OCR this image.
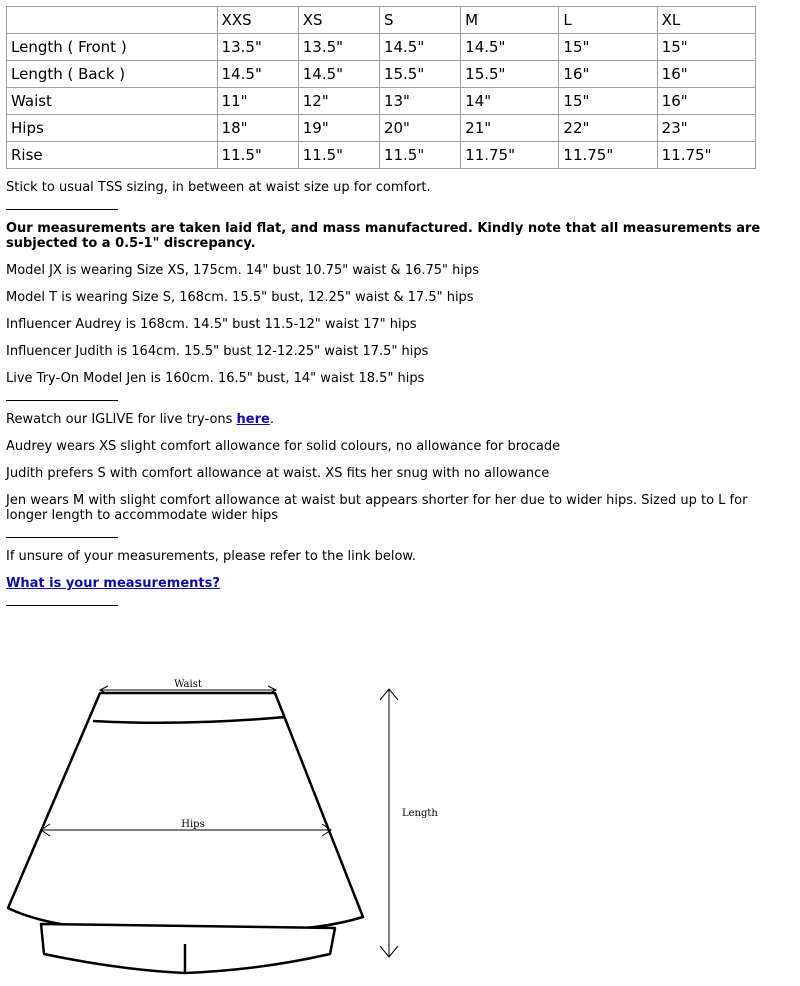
	XXS	XS	S	M	L	XL
Length ( Front )	13.5"	13.5"	14.5"	14.5"	15"	15"
Length ( Back )	14.5"	14.5"	15.5"	15.5"	16"	16"
Waist	11"	12"	13"	14"	15"	16"
Hips	18"	19"	20"	21"	22"	23"
Rise	11.5"	11.5"	11.5"	11.75"	11.75"	11.75"

Stick to usual TSS sizing, in between at waist size up for comfort.

Our measurements are taken laid flat, and mass manufactured. Kindly note that all measurements are subjected to a 0.5-1" discrepancy.

Model JX is wearing Size XS, 175cm. 14" bust 10.75" waist & 16.75" hips

Model T is wearing Size S, 168cm. 15.5" bust, 12.25" waist & 17.5" hips

Influencer Audrey is 168cm. 14.5" bust 11.5-12" waist 17" hips

Influencer Judith is 164cm. 15.5" bust 12-12.25" waist 17.5" hips

Live Try-On Model Jen is 160cm. 16.5" bust, 14" waist 18.5" hips

Rewatch our IGLIVE for live try-ons here.

Audrey wears XS slight comfort allowance for solid colours, no allowance for brocade

Judith prefers S with comfort allowance at waist. XS fits her snug with no allowance

Jen wears M with slight comfort allowance at waist but appears shorter for her due to wider hips. Sized up to L for longer length to accommodate wider hips

If unsure of your measurements, please refer to the link below.

What is your measurements?

Waist
Hips
Length
